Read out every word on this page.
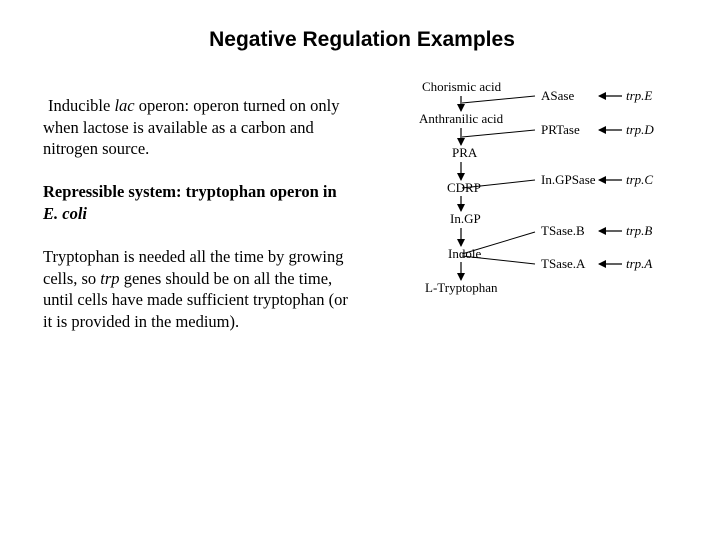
Negative Regulation Examples
Inducible lac operon: operon turned on only when lactose is available as a carbon and nitrogen source.
Repressible system: tryptophan operon in E. coli
Tryptophan is needed all the time by growing cells, so trp genes should be on all the time, until cells have made sufficient tryptophan (or it is provided in the medium).
Chorismic acid
Anthranilic acid
PRA
CDRP
In.GP
Indole
L-Tryptophan
ASase
PRTase
In.GPSase
TSase.B
TSase.A
trp.E
trp.D
trp.C
trp.B
trp.A
